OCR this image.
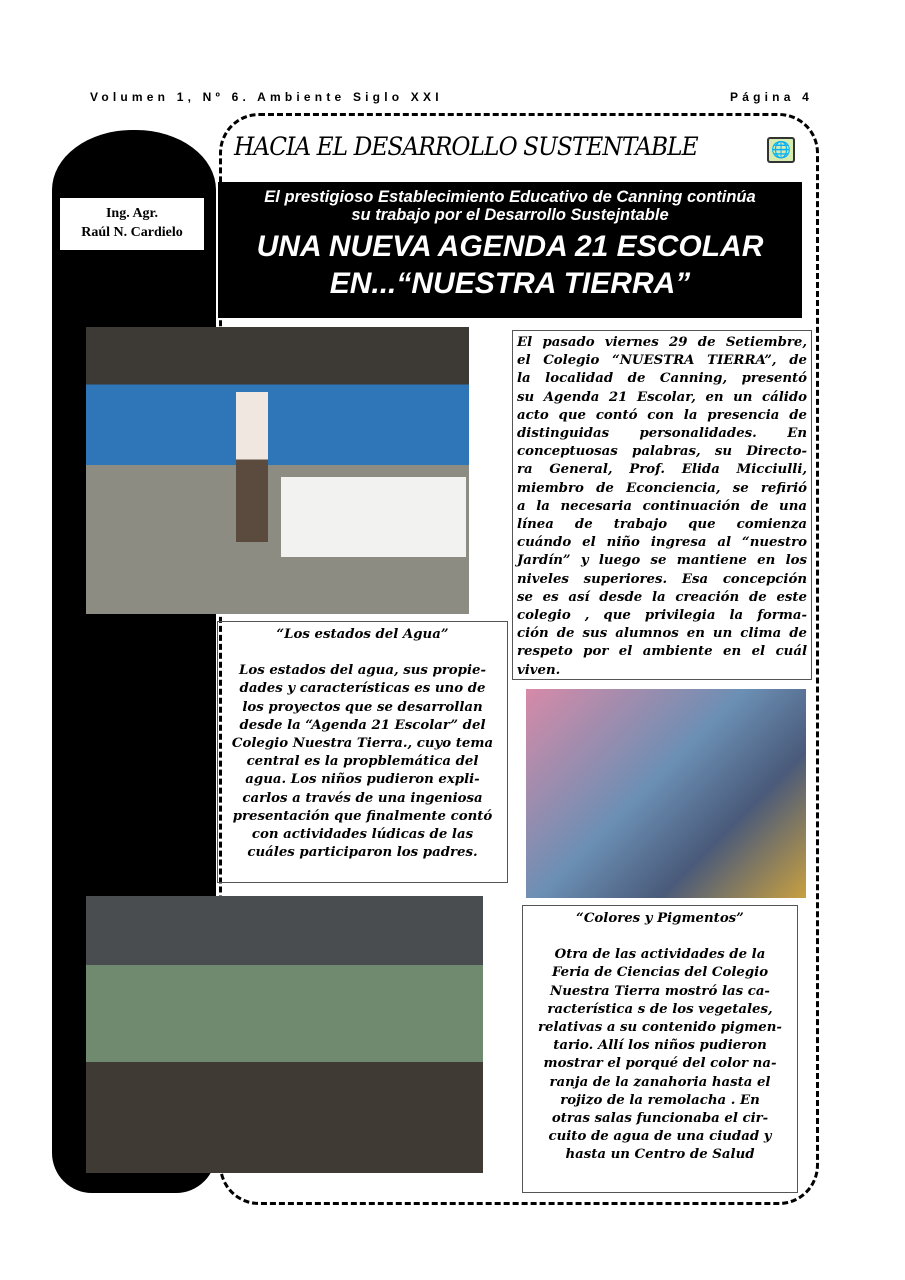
Volumen 1, Nº 6. Ambiente Siglo XXI	Página 4
Ing. Agr.
Raúl N. Cardielo
HACIA EL DESARROLLO SUSTENTABLE	🌐
El prestigioso Establecimiento Educativo de Canning continúa
su trabajo por el Desarrollo Sustejntable
UNA NUEVA AGENDA 21 ESCOLAR
EN...“NUESTRA TIERRA”
El pasado viernes 29 de Setiembre,
el Colegio “NUESTRA TIERRA”, de
la localidad de Canning, presentó
su Agenda 21 Escolar, en un cálido
acto que contó con la presencia de
distinguidas personalidades. En
conceptuosas palabras, su Directo-
ra General, Prof. Elida Micciulli,
miembro de Econciencia, se refirió
a la necesaria continuación de una
línea de trabajo que comienza
cuándo el niño ingresa al “nuestro
Jardín” y luego se mantiene en los
niveles superiores. Esa concepción
se es así desde la creación de este
colegio , que privilegia la forma-
ción de sus alumnos en un clima de
respeto por el ambiente en el cuál
viven.
“Los estados del Agua”
Los estados del agua, sus propie-
dades y características es uno de
los proyectos que se desarrollan
desde la “Agenda 21 Escolar” del
Colegio Nuestra Tierra., cuyo tema
central es la propblemática del
agua. Los niños pudieron expli-
carlos a través de una ingeniosa
presentación que finalmente contó
con actividades lúdicas de las
cuáles participaron los padres.
“Colores y Pigmentos”
Otra de las actividades de la
Feria de Ciencias del Colegio
Nuestra Tierra mostró las ca-
racterística s de los vegetales,
relativas a su contenido pigmen-
tario. Allí los niños pudieron
mostrar el porqué del color na-
ranja de la zanahoria hasta el
rojizo de la remolacha . En
otras salas funcionaba el cir-
cuito de agua de una ciudad y
hasta un Centro de Salud
